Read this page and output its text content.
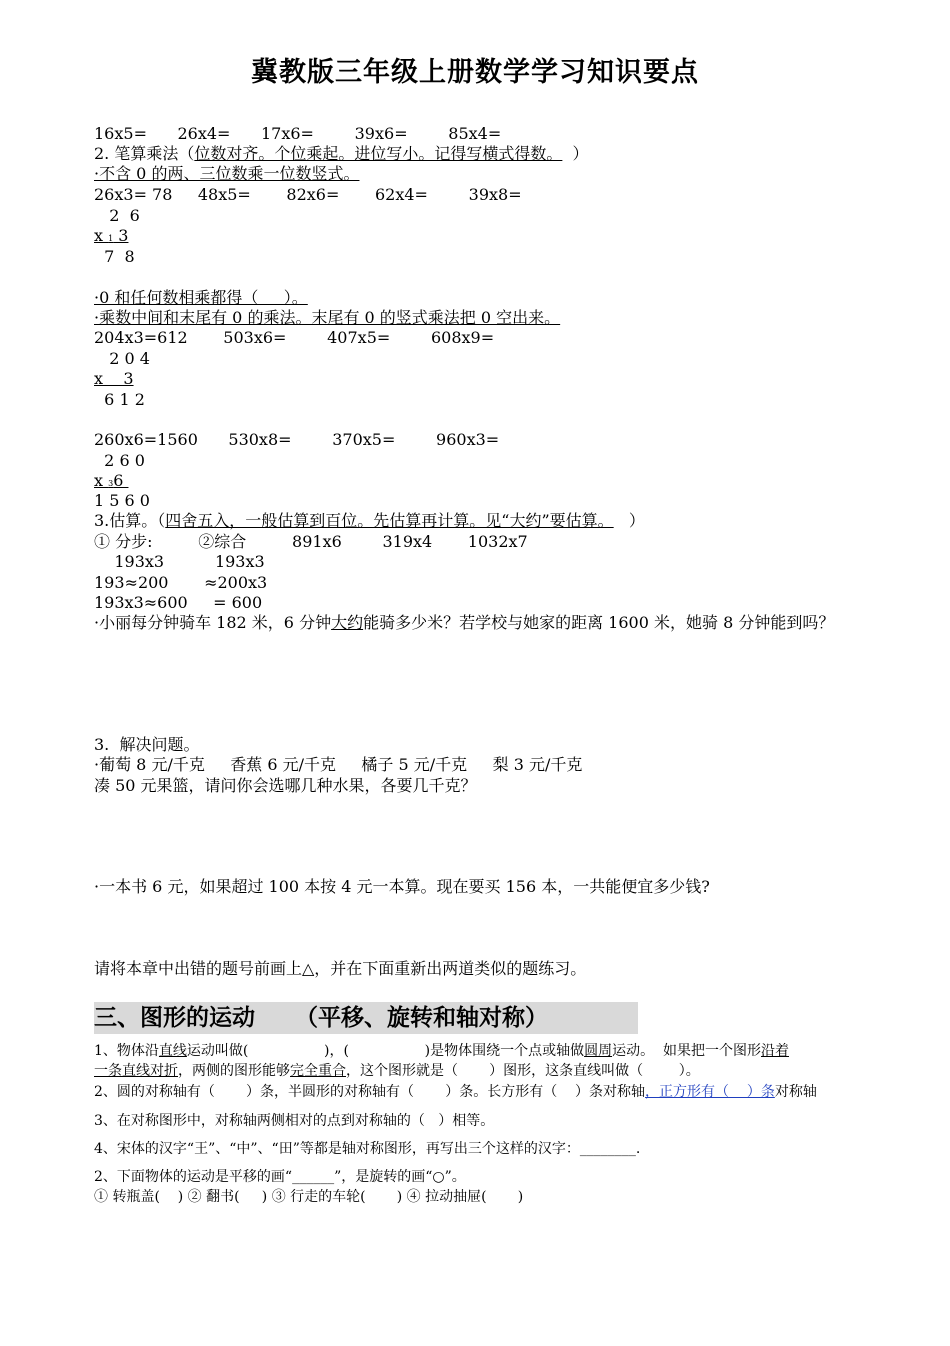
冀教版三年级上册数学学习知识要点
16x5=      26x4=      17x6=        39x6=        85x4=
2. 笔算乘法（位数对齐。个位乘起。进位写小。记得写横式得数。  ）
·不含 0 的两、三位数乘一位数竖式。
26x3= 78     48x5=       82x6=       62x4=        39x8=
2  6
x 1 3
7  8
·0 和任何数相乘都得（     ）。
·乘数中间和末尾有 0 的乘法。末尾有 0 的竖式乘法把 0 空出来。
204x3=612       503x6=        407x5=        608x9=
2 0 4
x    3
6 1 2
260x6=1560      530x8=        370x5=        960x3=
2 6 0
x 36
1 5 6 0
3.估算。（四舍五入，一般估算到百位。先估算再计算。见“大约”要估算。   ）
① 分步:         ②综合         891x6        319x4       1032x7
193x3          193x3
193≈200       ≈200x3
193x3≈600     = 600
·小丽每分钟骑车 182 米，6 分钟大约能骑多少米？若学校与她家的距离 1600 米，她骑 8 分钟能到吗？
3.  解决问题。
·葡萄 8 元/千克     香蕉 6 元/千克     橘子 5 元/千克     梨 3 元/千克
凑 50 元果篮，请问你会选哪几种水果，各要几千克？
·一本书 6 元，如果超过 100 本按 4 元一本算。现在要买 156 本，一共能便宜多少钱?
请将本章中出错的题号前画上△，并在下面重新出两道类似的题练习。
三、图形的运动     （平移、旋转和轴对称）
1、物体沿直线运动叫做(                 )，(                 )是物体围绕一个点或轴做圆周运动。  如果把一个图形沿着
一条直线对折，两侧的图形能够完全重合，这个图形就是（       ）图形，这条直线叫做（        ）。
2、圆的对称轴有（       ）条，半圆形的对称轴有（       ）条。长方形有（    ）条对称轴，正方形有（    ）条对称轴
3、在对称图形中，对称轴两侧相对的点到对称轴的（   ）相等。
4、宋体的汉字“王”、“中”、“田”等都是轴对称图形，再写出三个这样的汉字：________.
2、下面物体的运动是平移的画“______”，是旋转的画“○”。
① 转瓶盖(    ) ② 翻书(     ) ③ 行走的车轮(       ) ④ 拉动抽屉(       )
